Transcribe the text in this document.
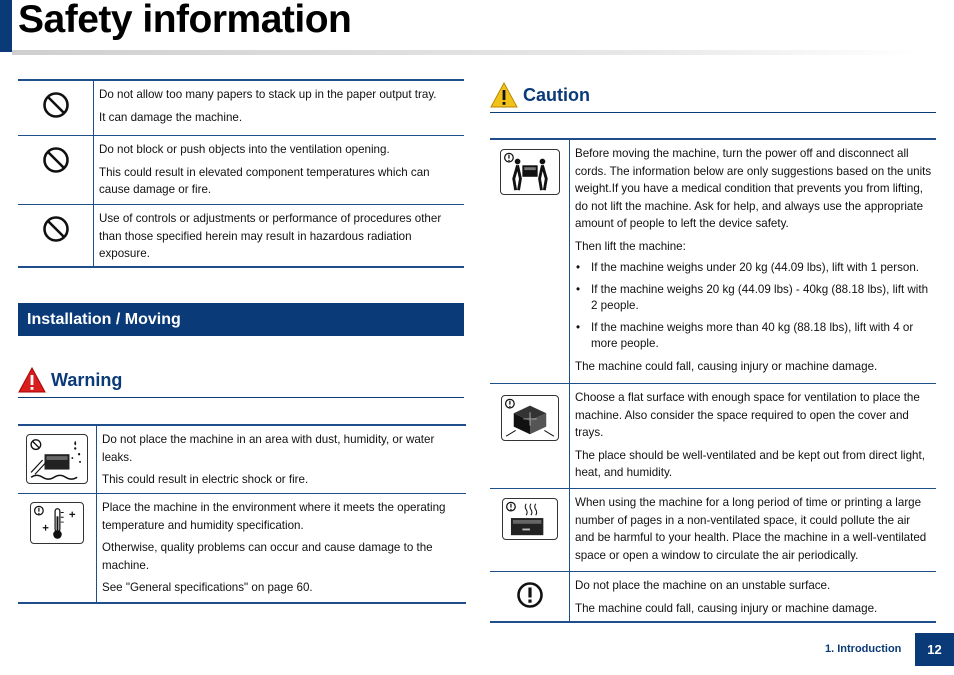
Safety information

Do not allow too many papers to stack up in the paper output tray.

It can damage the machine.

Do not block or push objects into the ventilation opening.

This could result in elevated component temperatures which can cause damage or fire.

Use of controls or adjustments or performance of procedures other than those specified herein may result in hazardous radiation exposure.

Installation / Moving
Warning

Do not place the machine in an area with dust, humidity, or water leaks.

This could result in electric shock or fire.

Place the machine in the environment where it meets the operating temperature and humidity specification.

Otherwise, quality problems can occur and cause damage to the machine.

See "General specifications" on page 60.

Caution

Before moving the machine, turn the power off and disconnect all cords. The information below are only suggestions based on the units weight.If you have a medical condition that prevents you from lifting, do not lift the machine. Ask for help, and always use the appropriate amount of people to left the device safety.

Then lift the machine:

• If the machine weighs under 20 kg (44.09 lbs), lift with 1 person.
• If the machine weighs 20 kg (44.09 lbs) - 40kg (88.18 lbs), lift with 2 people.
• If the machine weighs more than 40 kg (88.18 lbs), lift with 4 or more people.

The machine could fall, causing injury or machine damage.

Choose a flat surface with enough space for ventilation to place the machine. Also consider the space required to open the cover and trays.

The place should be well-ventilated and be kept out from direct light, heat, and humidity.

When using the machine for a long period of time or printing a large number of pages in a non-ventilated space, it could pollute the air and be harmful to your health. Place the machine in a well-ventilated space or open a window to circulate the air periodically.

Do not place the machine on an unstable surface.

The machine could fall, causing injury or machine damage.

1. Introduction	12
